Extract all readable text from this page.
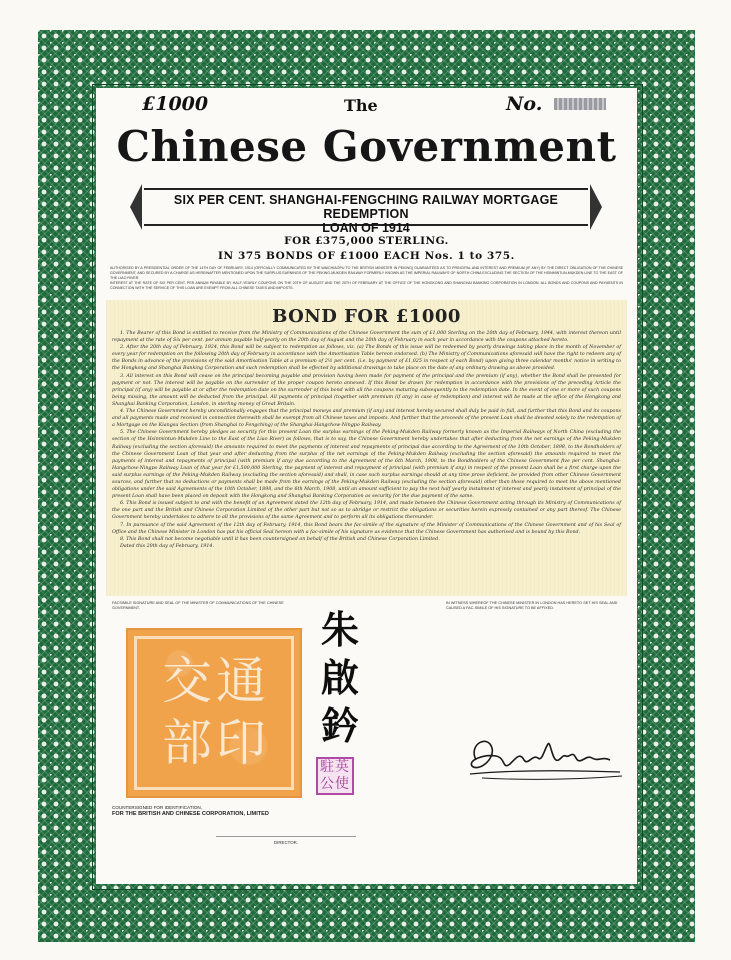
£1000	The	No.
Chinese Government
SIX PER CENT. SHANGHAI-FENGCHING RAILWAY MORTGAGE REDEMPTION
LOAN OF 1914
FOR £375,000 STERLING.
IN 375 BONDS OF £1000 EACH Nos. 1 to 375.
AUTHORISED BY A PRESIDENTIAL ORDER OF THE 14TH DAY OF FEBRUARY, 1914 (OFFICIALLY COMMUNICATED BY THE WAICHIAOPU TO THE BRITISH MINISTER IN PEKING) GUARANTEED AS TO PRINCIPAL AND INTEREST AND PREMIUM (IF ANY) BY THE DIRECT OBLIGATION OF THE CHINESE GOVERNMENT, AND SECURED BY A CHARGE AS HEREINAFTER MENTIONED UPON THE SURPLUS EARNINGS OF THE PEKING-MUKDEN RAILWAY FORMERLY KNOWN AS THE IMPERIAL RAILWAYS OF NORTH CHINA EXCLUDING THE SECTION OF THE HSINMINTUN-MUKDEN LINE TO THE EAST OF THE LIAO RIVER.
INTEREST AT THE RATE OF SIX PER CENT. PER ANNUM PAYABLE BY HALF-YEARLY COUPONS ON THE 20TH OF AUGUST AND THE 20TH OF FEBRUARY AT THE OFFICE OF THE HONGKONG AND SHANGHAI BANKING CORPORATION IN LONDON. ALL BONDS AND COUPONS AND PAYMENTS IN CONNECTION WITH THE SERVICE OF THIS LOAN ARE EXEMPT FROM ALL CHINESE TAXES AND IMPOSTS.
BOND FOR £1000

1. The Bearer of this Bond is entitled to receive from the Ministry of Communications of the Chinese Government the sum of £1,000 Sterling on the 20th day of February, 1944, with interest thereon until repayment at the rate of Six per cent. per annum payable half-yearly on the 20th day of August and the 20th day of February in each year in accordance with the coupons attached hereto.

2. After the 20th day of February, 1924, this Bond will be subject to redemption as follows, viz. (a) The Bonds of this issue will be redeemed by yearly drawings taking place in the month of November of every year for redemption on the following 20th day of February in accordance with the Amortisation Table hereon endorsed. (b) The Ministry of Communications aforesaid will have the right to redeem any of the Bonds in advance of the provisions of the said Amortisation Table at a premium of 2½ per cent. (i.e. by payment of £1,025 in respect of each Bond) upon giving three calendar months' notice in writing to the Hongkong and Shanghai Banking Corporation and such redemption shall be effected by additional drawings to take place on the date of any ordinary drawing as above provided.

3. All interest on this Bond will cease on the principal becoming payable and provision having been made for payment of the principal and the premium (if any), whether the Bond shall be presented for payment or not. The interest will be payable on the surrender of the proper coupon hereto annexed. If this Bond be drawn for redemption in accordance with the provisions of the preceding Article the principal (if any) will be payable at or after the redemption date on the surrender of this bond with all the coupons maturing subsequently to the redemption date. In the event of one or more of such coupons being missing, the amount will be deducted from the principal. All payments of principal (together with premium (if any) in case of redemption) and interest will be made at the office of the Hongkong and Shanghai Banking Corporation, London, in sterling money of Great Britain.

4. The Chinese Government hereby unconditionally engages that the principal moneys and premium (if any) and interest hereby secured shall duly be paid in full, and further that this Bond and its coupons and all payments made and received in connection therewith shall be exempt from all Chinese taxes and imposts. And further that the proceeds of the present Loan shall be devoted solely to the redemption of a Mortgage on the Kiangsu Section (from Shanghai to Fengching) of the Shanghai-Hangchow-Ningpo Railway.

5. The Chinese Government hereby pledges as security for this present Loan the surplus earnings of the Peking-Mukden Railway formerly known as the Imperial Railways of North China (excluding the section of the Hsinmintun-Mukden Line to the East of the Liao River) as follows, that is to say, the Chinese Government hereby undertakes that after deducting from the net earnings of the Peking-Mukden Railway (excluding the section aforesaid) the amounts required to meet the payments of interest and repayments of principal due according to the Agreement of the 10th October, 1898, to the Bondholders of the Chinese Government Loan of that year and after deducting from the surplus of the net earnings of the Peking-Mukden Railway (excluding the section aforesaid) the amounts required to meet the payments of interest and repayments of principal (with premium if any) due according to the Agreement of the 6th March, 1908, to the Bondholders of the Chinese Government five per cent. Shanghai-Hangchow-Ningpo Railway Loan of that year for £1,500,000 Sterling, the payment of interest and repayment of principal (with premium if any) in respect of the present Loan shall be a first charge upon the said surplus earnings of the Peking-Mukden Railway (excluding the section aforesaid) and shall, in case such surplus earnings should at any time prove deficient, be provided from other Chinese Government sources, and further that no deductions or payments shall be made from the earnings of the Peking-Mukden Railway (excluding the section aforesaid) other than those required to meet the above mentioned obligations under the said Agreements of the 10th October, 1898, and the 6th March, 1908, until an amount sufficient to pay the next half yearly instalment of interest and yearly instalment of principal of the present Loan shall have been placed on deposit with the Hongkong and Shanghai Banking Corporation as security for the due payment of the same.

6. This Bond is issued subject to and with the benefit of an Agreement dated the 12th day of February, 1914, and made between the Chinese Government acting through its Ministry of Communications of the one part and the British and Chinese Corporation Limited of the other part but not so as to abridge or restrict the obligations or securities herein expressly contained or any part thereof. The Chinese Government hereby undertakes to adhere to all the provisions of the same Agreement and to perform all its obligations thereunder.

7. In pursuance of the said Agreement of the 12th day of February, 1914, this Bond bears the fac-simile of the signature of the Minister of Communications of the Chinese Government and of his Seal of Office and the Chinese Minister in London has put his official Seal hereon with a fac-simile of his signature as evidence that the Chinese Government has authorised and is bound by this Bond.

8. This Bond shall not become negotiable until it has been countersigned on behalf of the British and Chinese Corporation Limited.

Dated this 20th day of February, 1914.

FACSIMILE SIGNATURE AND SEAL OF THE MINISTER OF COMMUNICATIONS OF THE CHINESE GOVERNMENT.
IN WITNESS WHEREOF THE CHINESE MINISTER IN LONDON HAS HERETO SET HIS SEAL AND CAUSED A FAC-SIMILE OF HIS SIGNATURE TO BE AFFIXED.
交通部印
朱啟鈐
駐英公使
COUNTERSIGNED FOR IDENTIFICATION,
FOR THE BRITISH AND CHINESE CORPORATION, LIMITED
DIRECTOR.
